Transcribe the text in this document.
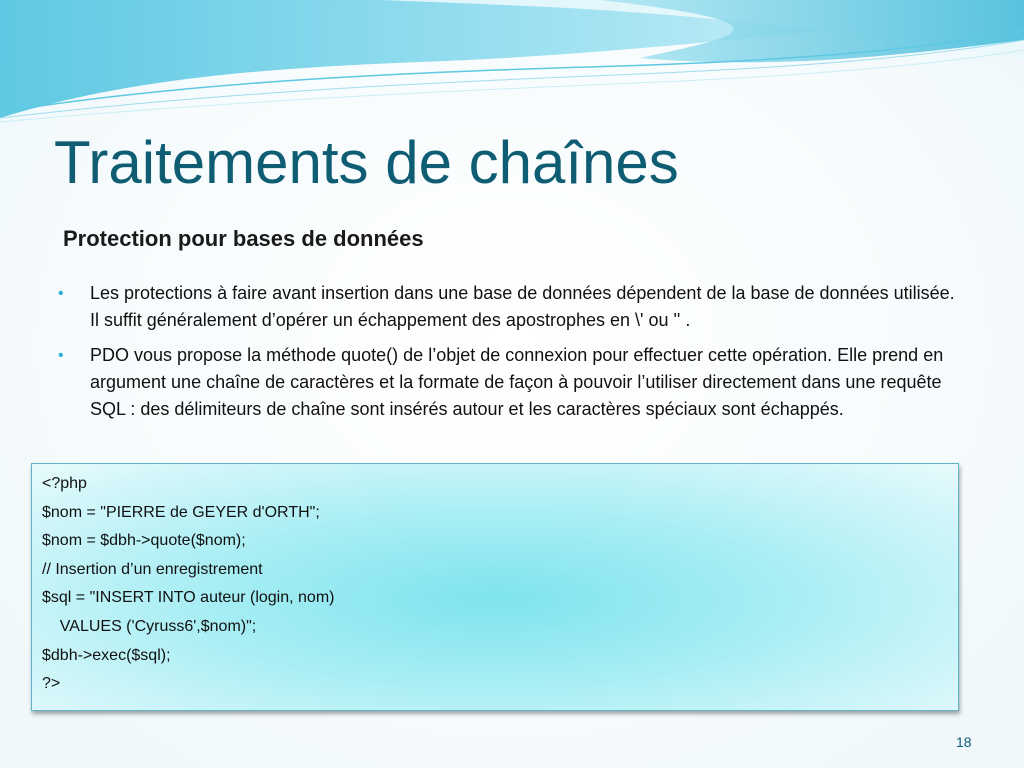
Traitements de chaînes
Protection pour bases de données
• Les protections à faire avant insertion dans une base de données dépendent de la base de données utilisée. Il suffit généralement d’opérer un échappement des apostrophes en \' ou '' .
• PDO vous propose la méthode quote() de l’objet de connexion pour effectuer cette opération. Elle prend en argument une chaîne de caractères et la formate de façon à pouvoir l’utiliser directement dans une requête SQL : des délimiteurs de chaîne sont insérés autour et les caractères spéciaux sont échappés.
<?php
$nom = "PIERRE de GEYER d'ORTH";
$nom = $dbh->quote($nom);
// Insertion d’un enregistrement
$sql = "INSERT INTO auteur (login, nom)
VALUES ('Cyruss6',$nom)";
$dbh->exec($sql);
?>
18
